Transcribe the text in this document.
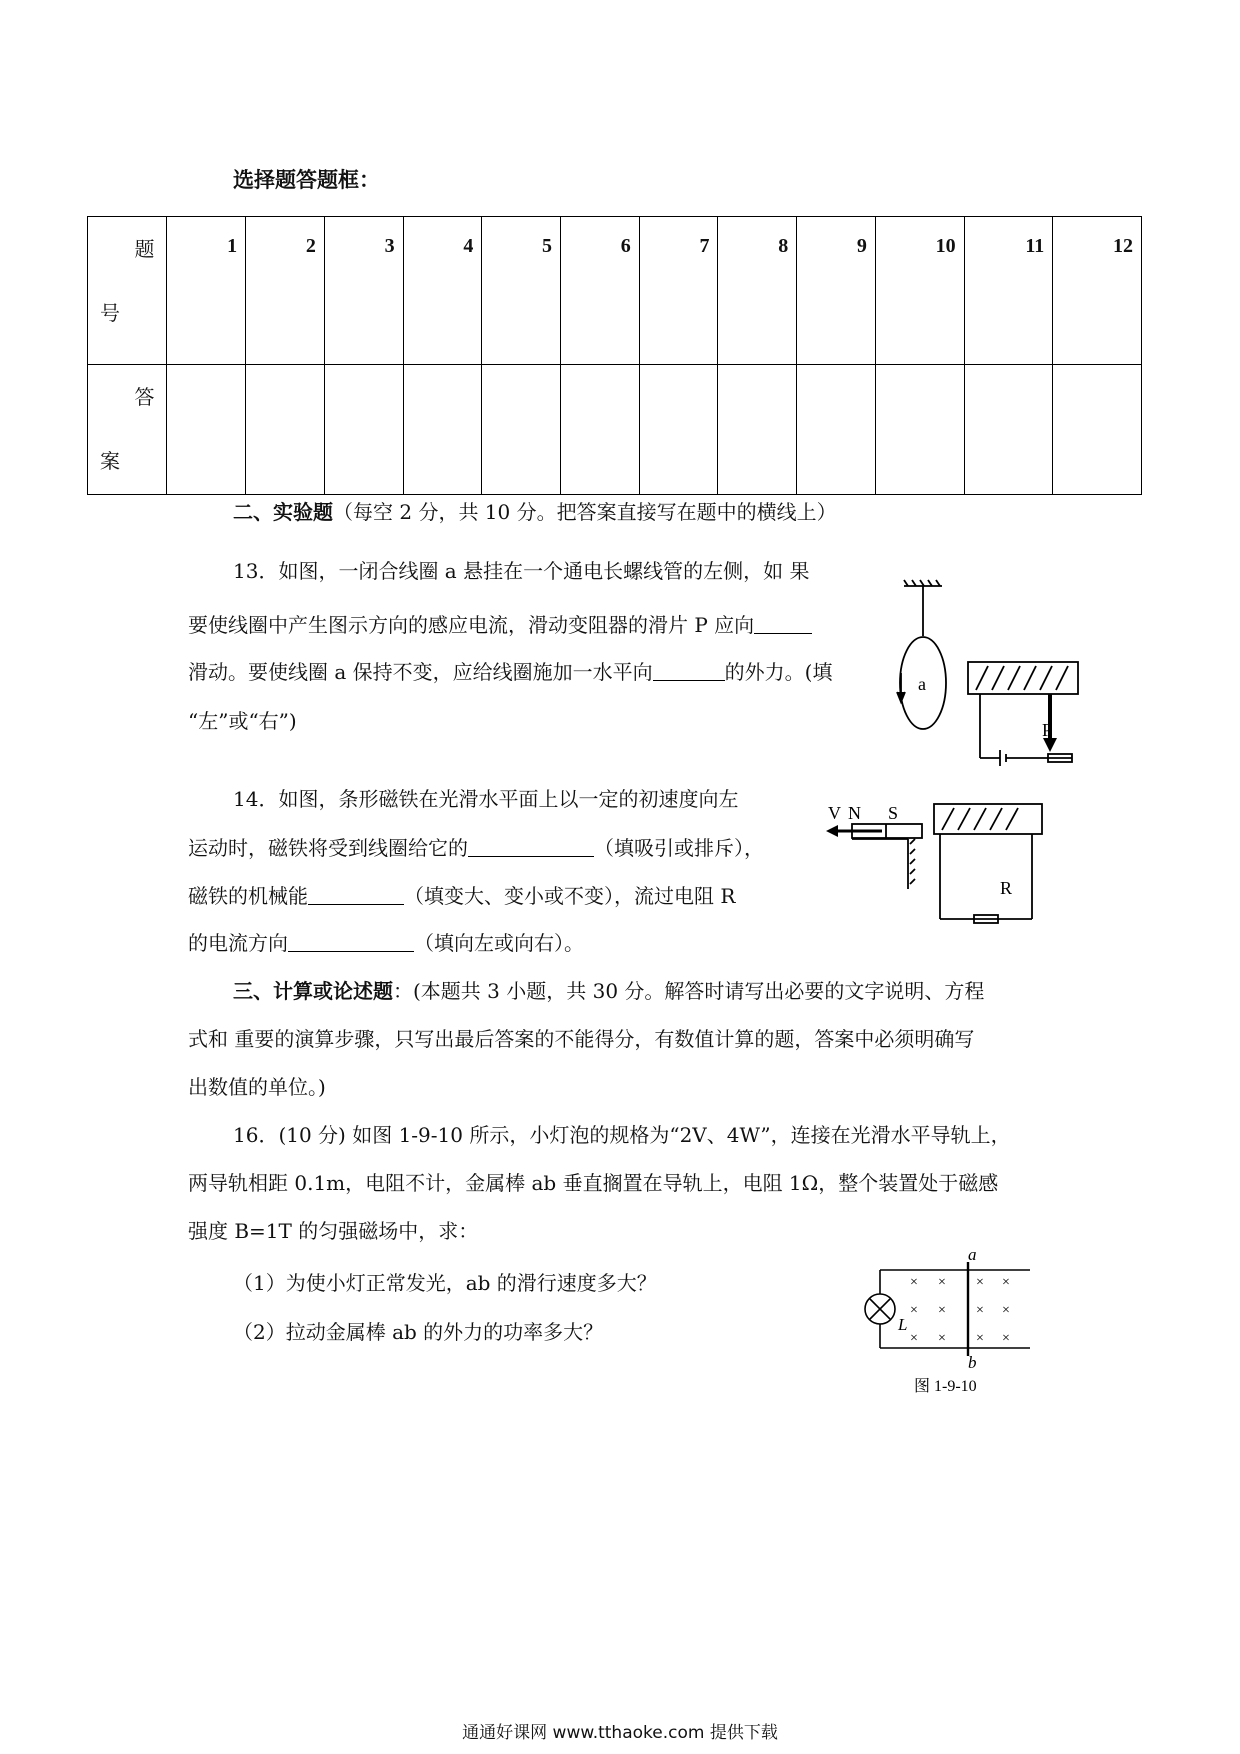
选择题答题框：
题
号	1	2	3	4	5	6	7	8	9	10	11	12

答
案												

二、实验题（每空 2 分，共 10 分。把答案直接写在题中的横线上）
13．如图，一闭合线圈 a 悬挂在一个通电长螺线管的左侧，如 果
要使线圈中产生图示方向的感应电流，滑动变阻器的滑片 P 应向
滑动。要使线圈 a 保持不变，应给线圈施加一水平向	的外力。(填
“左”或“右”)
a
P
14．如图，条形磁铁在光滑水平面上以一定的初速度向左
运动时，磁铁将受到线圈给它的	（填吸引或排斥），
磁铁的机械能	（填变大、变小或不变），流过电阻 R
的电流方向	（填向左或向右）。
V N S
R
三、计算或论述题：(本题共 3 小题，共 30 分。解答时请写出必要的文字说明、方程
式和 重要的演算步骤，只写出最后答案的不能得分，有数值计算的题，答案中必须明确写
出数值的单位。)
16．(10 分) 如图 1-9-10 所示，小灯泡的规格为“2V、4W”，连接在光滑水平导轨上，
两导轨相距 0.1m，电阻不计，金属棒 ab 垂直搁置在导轨上，电阻 1Ω，整个装置处于磁感
强度 B=1T 的匀强磁场中，求：
（1）为使小灯正常发光，ab 的滑行速度多大？
（2）拉动金属棒 ab 的外力的功率多大？
× × × ×
× × × ×
× × × ×
a
b
L
图 1-9-10
通通好课网 www.tthaoke.com 提供下载
